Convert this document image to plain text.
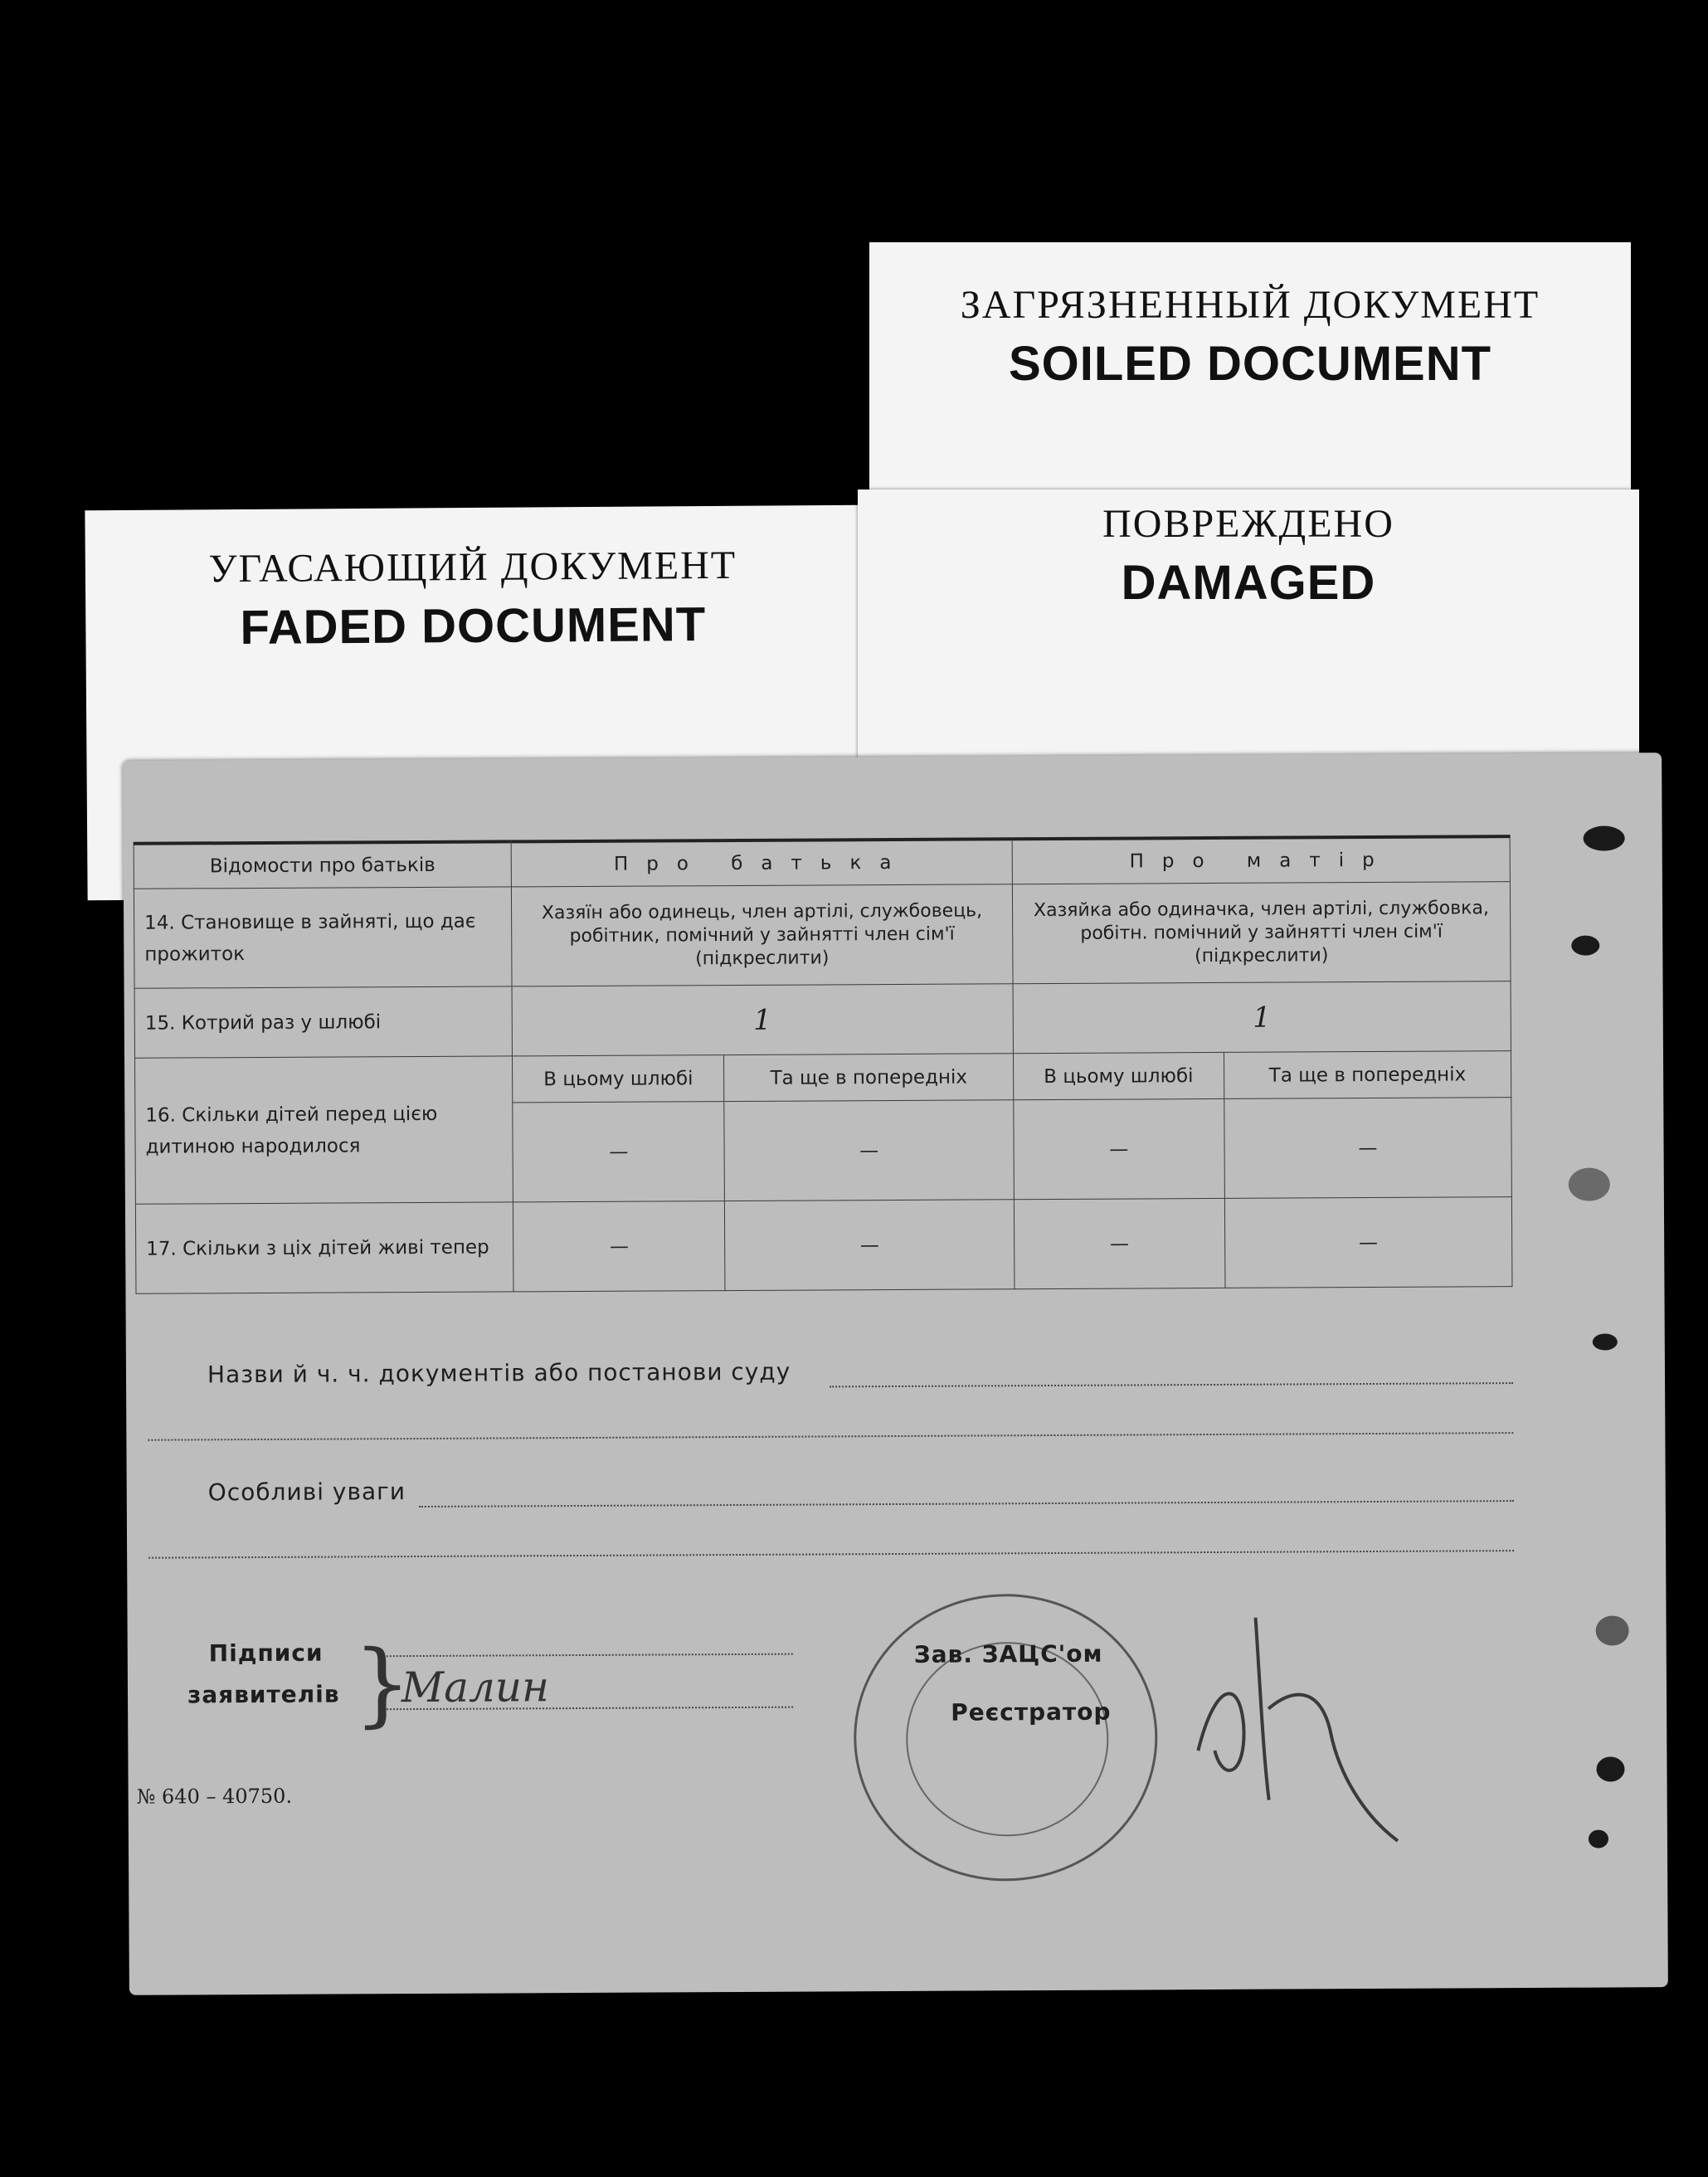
ЗАГРЯЗНЕННЫЙ ДОКУМЕНТ
SOILED DOCUMENT
УГАСАЮЩИЙ ДОКУМЕНТ
FADED DOCUMENT
ПОВРЕЖДЕНО
DAMAGED
Відомости про батьків	Про батька		Про матір	
14. Становище в зайняті, що дає прожиток	Хазяїн або одинець, член артілі, службовець, робітник, помічний у зайнятті член сім'ї (підкреслити)		Хазяйка або одиначка, член артілі, службовка, робітн. помічний у зайнятті член сім'ї (підкреслити)	
15. Котрий раз у шлюбі	1		1	
16. Скільки дітей перед цією дитиною народилося	В цьому шлюбі	Та ще в попередніх	В цьому шлюбі	Та ще в попередніх
	—	—	—	—
17. Скільки з ціх дітей живі тепер	—	—	—	—
Назви й ч. ч. документів або постанови суду
Особливі уваги
Підписи
заявителів }
Малин
Зав. ЗАЦС'ом
Реєстратор
№ 640 – 40750.
